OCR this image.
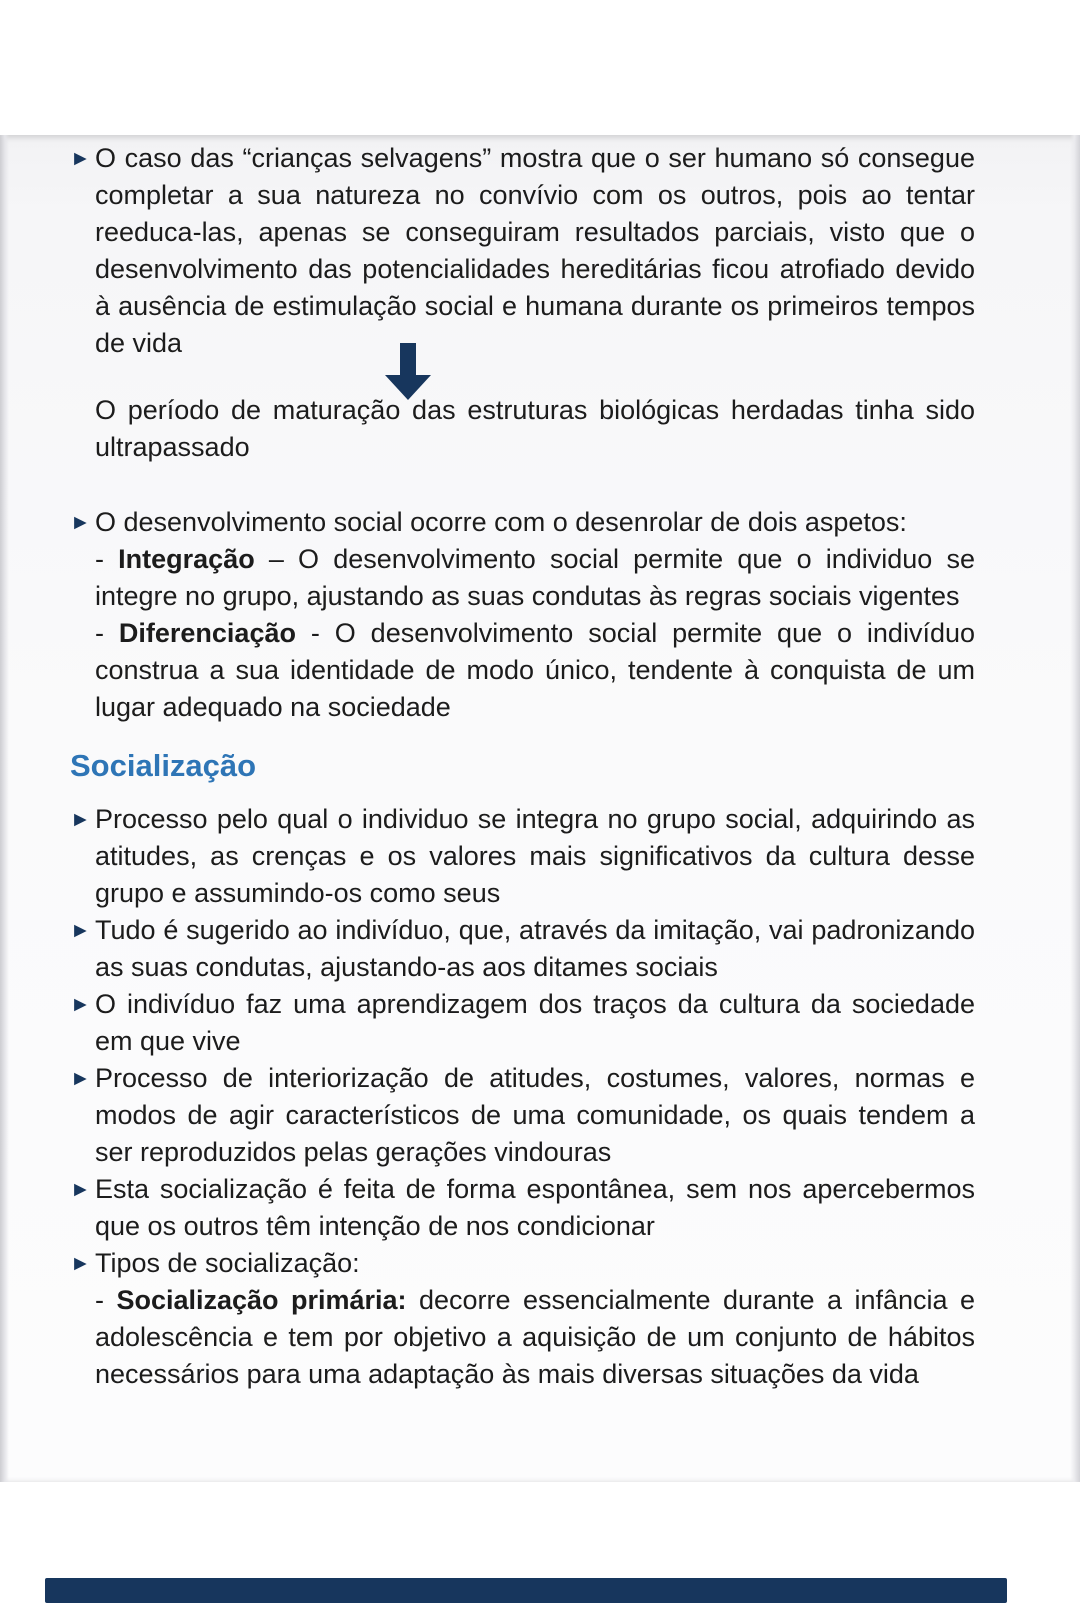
► O caso das “crianças selvagens” mostra que o ser humano só consegue completar a sua natureza no convívio com os outros, pois ao tentar reeduca-las, apenas se conseguiram resultados parciais, visto que o desenvolvimento das potencialidades hereditárias ficou atrofiado devido à ausência de estimulação social e humana durante os primeiros tempos de vida

O período de maturação das estruturas biológicas herdadas tinha sido ultrapassado

► O desenvolvimento social ocorre com o desenrolar de dois aspetos:

- Integração – O desenvolvimento social permite que o individuo se integre no grupo, ajustando as suas condutas às regras sociais vigentes

- Diferenciação - O desenvolvimento social permite que o indivíduo construa a sua identidade de modo único, tendente à conquista de um lugar adequado na sociedade

Socialização
► Processo pelo qual o individuo se integra no grupo social, adquirindo as atitudes, as crenças e os valores mais significativos da cultura desse grupo e assumindo-os como seus
► Tudo é sugerido ao indivíduo, que, através da imitação, vai padronizando as suas condutas, ajustando-as aos ditames sociais
► O indivíduo faz uma aprendizagem dos traços da cultura da sociedade em que vive
► Processo de interiorização de atitudes, costumes, valores, normas e modos de agir característicos de uma comunidade, os quais tendem a ser reproduzidos pelas gerações vindouras
► Esta socialização é feita de forma espontânea, sem nos apercebermos que os outros têm intenção de nos condicionar
► Tipos de socialização:

- Socialização primária: decorre essencialmente durante a infância e adolescência e tem por objetivo a aquisição de um conjunto de hábitos necessários para uma adaptação às mais diversas situações da vida
